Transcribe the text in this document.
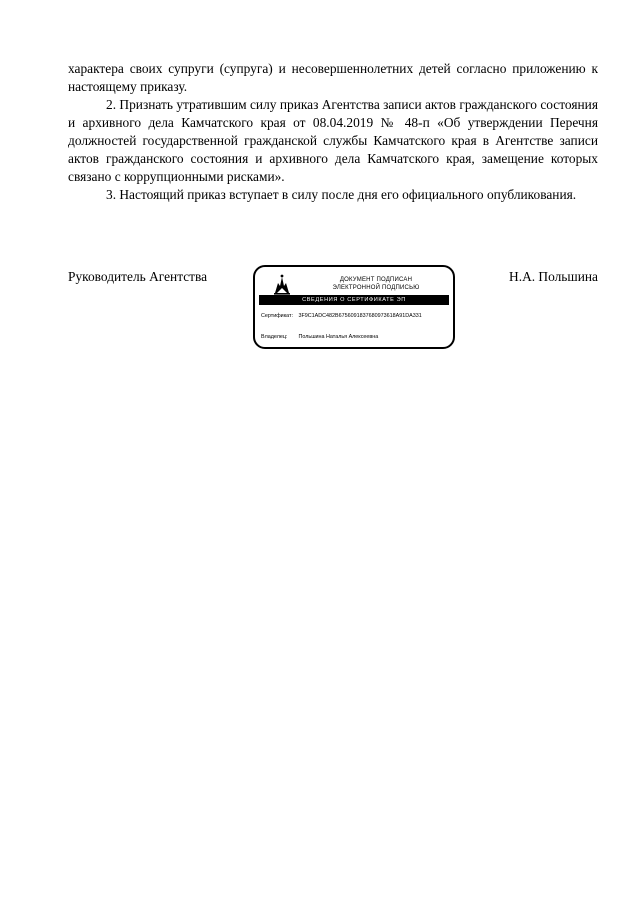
характера своих супруги (супруга) и несовершеннолетних детей согласно приложению к настоящему приказу.

2. Признать утратившим силу приказ Агентства записи актов гражданского состояния и архивного дела Камчатского края от 08.04.2019 № 48-п «Об утверждении Перечня должностей государственной гражданской службы Камчатского края в Агентстве записи актов гражданского состояния и архивного дела Камчатского края, замещение которых связано с коррупционными рисками».

3. Настоящий приказ вступает в силу после дня его официального опубликования.

Руководитель Агентства	ДОКУМЕНТ ПОДПИСАН
ЭЛЕКТРОННОЙ ПОДПИСЬЮ
СВЕДЕНИЯ О СЕРТИФИКАТЕ ЭП
Сертификат: 3F9C1ADC482B6756091837680973618A91DA331
Владелец: Польшина Наталья Алексеевна
Н.А. Польшина
